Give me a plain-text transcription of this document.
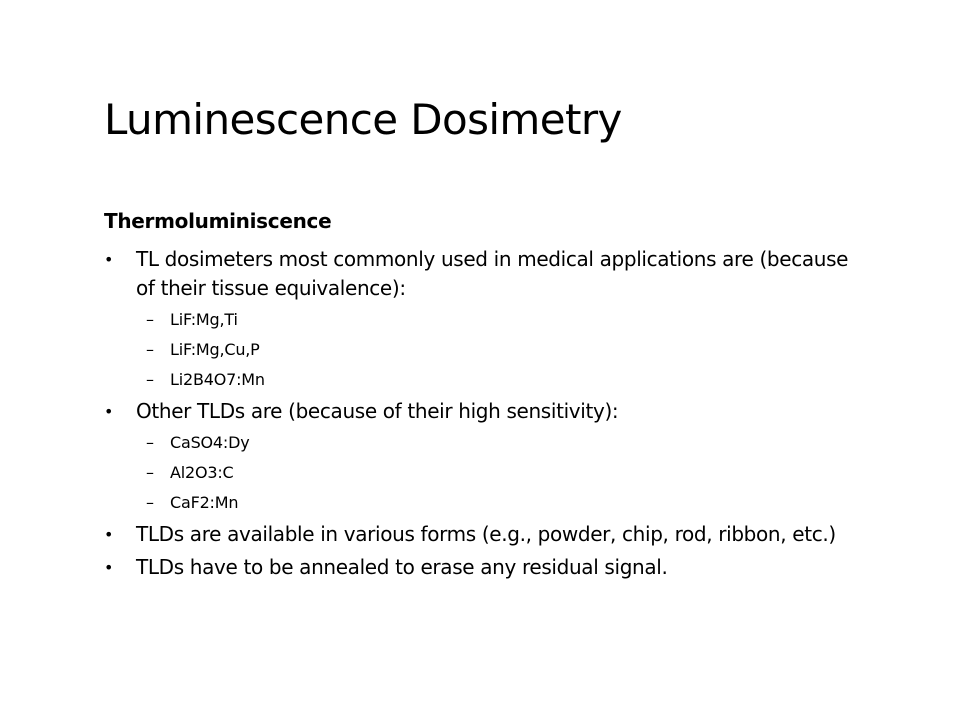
Luminescence Dosimetry
Thermoluminiscence
• TL dosimeters most commonly used in medical applications are (because of their tissue equivalence):
– LiF:Mg,Ti
– LiF:Mg,Cu,P
– Li2B4O7:Mn
• Other TLDs are (because of their high sensitivity):
– CaSO4:Dy
– Al2O3:C
– CaF2:Mn
• TLDs are available in various forms (e.g., powder, chip, rod, ribbon, etc.)
• TLDs have to be annealed to erase any residual signal.
